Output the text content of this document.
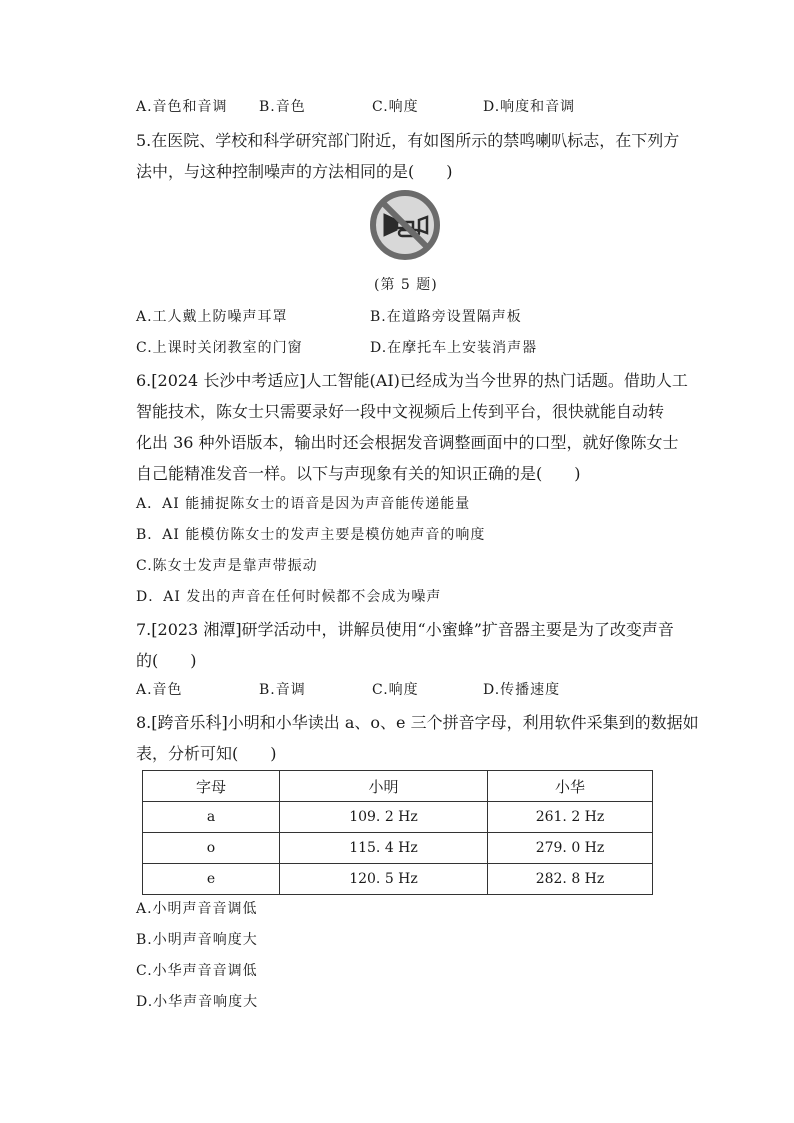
A.音色和音调 B.音色	C.响度	D.响度和音调
5.在医院、学校和科学研究部门附近，有如图所示的禁鸣喇叭标志，在下列方
法中，与这种控制噪声的方法相同的是(　　)
(第 5 题)
A.工人戴上防噪声耳罩	B.在道路旁设置隔声板
C.上课时关闭教室的门窗	D.在摩托车上安装消声器
6.[2024 长沙中考适应]人工智能(AI)已经成为当今世界的热门话题。借助人工
智能技术，陈女士只需要录好一段中文视频后上传到平台，很快就能自动转
化出 36 种外语版本，输出时还会根据发音调整画面中的口型，就好像陈女士
自己能精准发音一样。以下与声现象有关的知识正确的是(　　)
A．AI 能捕捉陈女士的语音是因为声音能传递能量
B．AI 能模仿陈女士的发声主要是模仿她声音的响度
C.陈女士发声是靠声带振动
D．AI 发出的声音在任何时候都不会成为噪声
7.[2023 湘潭]研学活动中，讲解员使用“小蜜蜂”扩音器主要是为了改变声音
的(　　)
A.音色	B.音调	C.响度	D.传播速度
8.[跨音乐科]小明和小华读出 a、o、e 三个拼音字母，利用软件采集到的数据如
表，分析可知(　　)
字母	小明	小华
a	109. 2 Hz	261. 2 Hz
o	115. 4 Hz	279. 0 Hz
e	120. 5 Hz	282. 8 Hz
A.小明声音音调低
B.小明声音响度大
C.小华声音音调低
D.小华声音响度大
